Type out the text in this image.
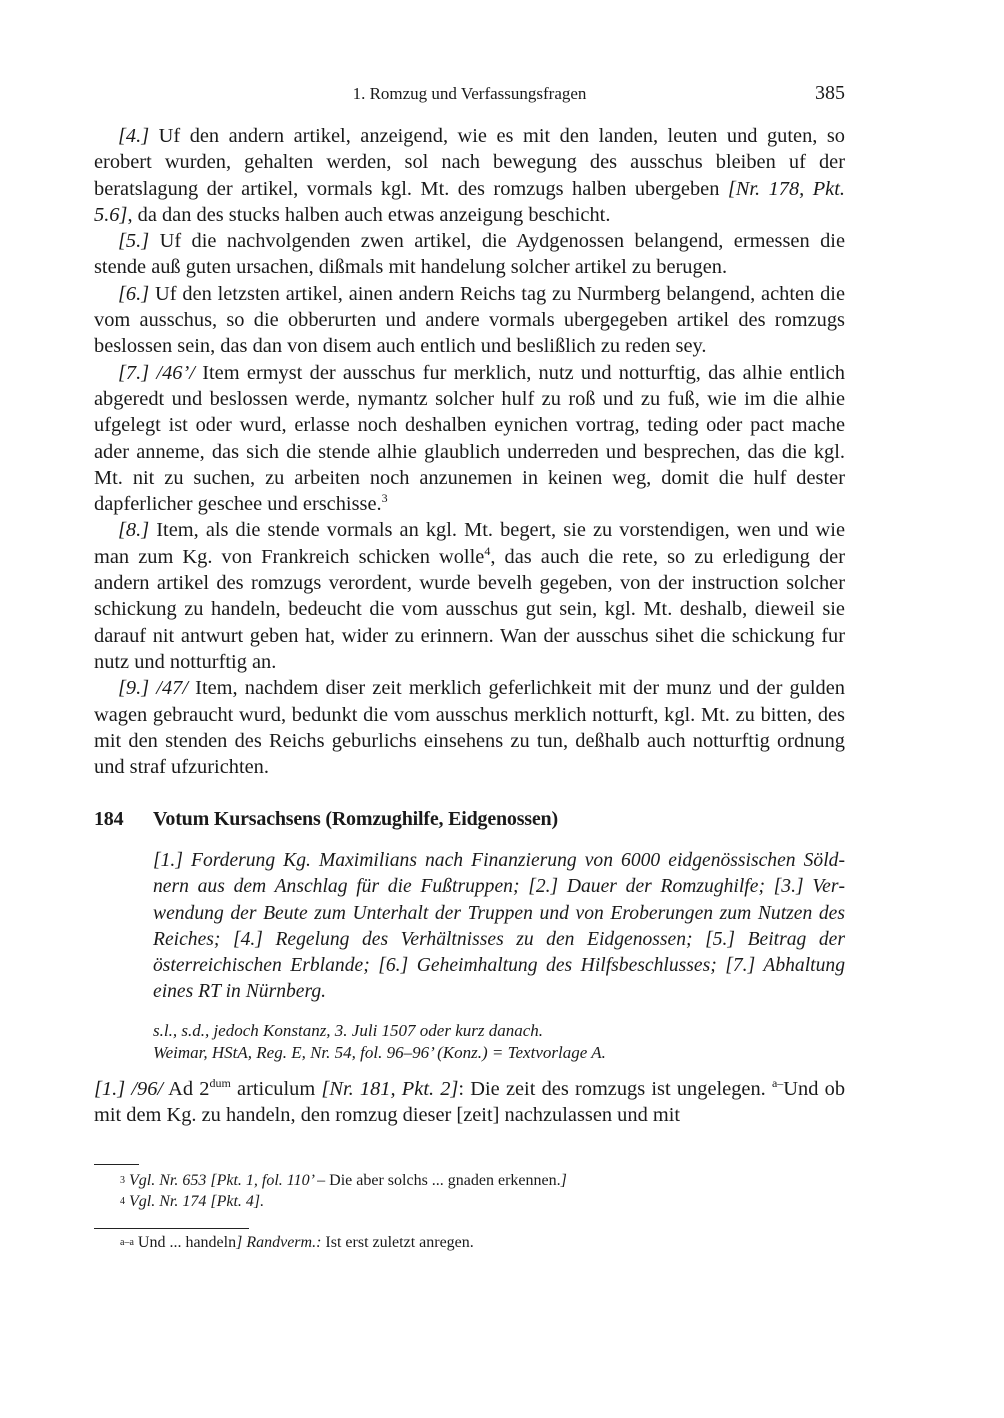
1. Romzug und Verfassungsfragen	385

[4.] Uf den andern artikel, anzeigend, wie es mit den landen, leuten und guten, so erobert wurden, gehalten werden, sol nach bewegung des ausschus bleiben uf der beratslagung der artikel, vormals kgl. Mt. des romzugs halben ubergeben [Nr. 178, Pkt. 5.6], da dan des stucks halben auch etwas anzeigung beschicht.

[5.] Uf die nachvolgenden zwen artikel, die Aydgenossen belangend, ermessen die stende auß guten ursachen, dißmals mit handelung solcher artikel zu berugen.

[6.] Uf den letzsten artikel, ainen andern Reichs tag zu Nurmberg belangend, achten die vom ausschus, so die obberurten und andere vormals ubergegeben artikel des romzugs beslossen sein, das dan von disem auch entlich und beslißlich zu reden sey.

[7.] /46’/ Item ermyst der ausschus fur merklich, nutz und notturftig, das alhie entlich abgeredt und beslossen werde, nymantz solcher hulf zu roß und zu fuß, wie im die alhie ufgelegt ist oder wurd, erlasse noch deshalben eynichen vortrag, teding oder pact mache ader anneme, das sich die stende alhie glaublich underreden und besprechen, das die kgl. Mt. nit zu suchen, zu arbeiten noch anzunemen in keinen weg, domit die hulf dester dapferlicher geschee und erschisse.$^3$

[8.] Item, als die stende vormals an kgl. Mt. begert, sie zu vorstendigen, wen und wie man zum Kg. von Frankreich schicken wolle$^4$, das auch die rete, so zu erledigung der andern artikel des romzugs verordent, wurde bevelh gegeben, von der instruction solcher schickung zu handeln, bedeucht die vom ausschus gut sein, kgl. Mt. deshalb, dieweil sie darauf nit antwurt geben hat, wider zu erinnern. Wan der ausschus sihet die schickung fur nutz und notturftig an.

[9.] /47/ Item, nachdem diser zeit merklich geferlichkeit mit der munz und der gulden wagen gebraucht wurd, bedunkt die vom ausschus merklich notturft, kgl. Mt. zu bitten, des mit den stenden des Reichs geburlichs einsehens zu tun, deßhalb auch notturftig ordnung und straf ufzurichten.

184 Votum Kursachsens (Romzughilfe, Eidgenossen)

[1.] Forderung Kg. Maximilians nach Finanzierung von 6000 eidgenössischen Söldnern aus dem Anschlag für die Fußtruppen; [2.] Dauer der Romzughilfe; [3.] Verwendung der Beute zum Unterhalt der Truppen und von Eroberungen zum Nutzen des Reiches; [4.] Regelung des Verhältnisses zu den Eidgenossen; [5.] Beitrag der österreichischen Erblande; [6.] Geheimhaltung des Hilfsbeschlusses; [7.] Abhaltung eines RT in Nürnberg.

s.l., s.d., jedoch Konstanz, 3. Juli 1507 oder kurz danach.

Weimar, HStA, Reg. E, Nr. 54, fol. 96–96’ (Konz.) = Textvorlage A.

[1.] /96/ Ad $2^{dum}$ articulum [Nr. 181, Pkt. 2]: Die zeit des romzugs ist ungelegen. $^{a-}$Und ob mit dem Kg. zu handeln, den romzug dieser [zeit] nachzulassen und mit

3 Vgl. Nr. 653 [Pkt. 1, fol. 110’ – Die aber solchs ... gnaden erkennen.]

4 Vgl. Nr. 174 [Pkt. 4].

a–a Und ... handeln] Randverm.: Ist erst zuletzt anregen.
